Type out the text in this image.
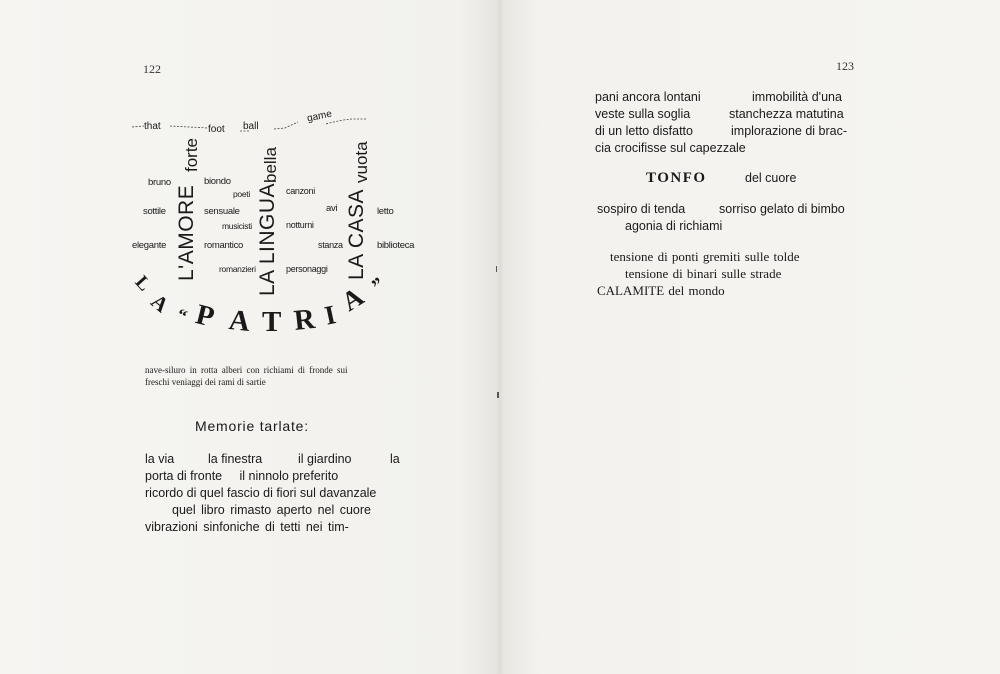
122
that	foot ball
game
L'AMORE
forte
LA LINGUA
bella
LA CASA
vuota
bruno
sottile
elegante
biondo
poeti
sensuale
musicisti
romantico
romanzieri
canzoni
avi
notturni
stanza
personaggi
letto
biblioteca
L
A “ P A T R I
A ”
nave-siluro in rotta alberi con richiami di fronde sui
freschi veniaggi dei rami di sartie
Memorie tarlate:
la via	la finestra	il giardino	la
porta di fronte     il ninnolo preferito
ricordo di quel fascio di fiori sul davanzale
quel libro rimasto aperto nel cuore
vibrazioni sinfoniche di tetti nei tim-
123
pani ancora lontani	immobilità d'una
veste sulla soglia	stanchezza matutina
di un letto disfatto	implorazione di brac-
cia crocifisse sul capezzale
TONFO	del cuore
sospiro di tenda	sorriso gelato di bimbo
agonia di richiami
tensione di ponti gremiti sulle tolde
tensione di binari sulle strade
CALAMITE del mondo
